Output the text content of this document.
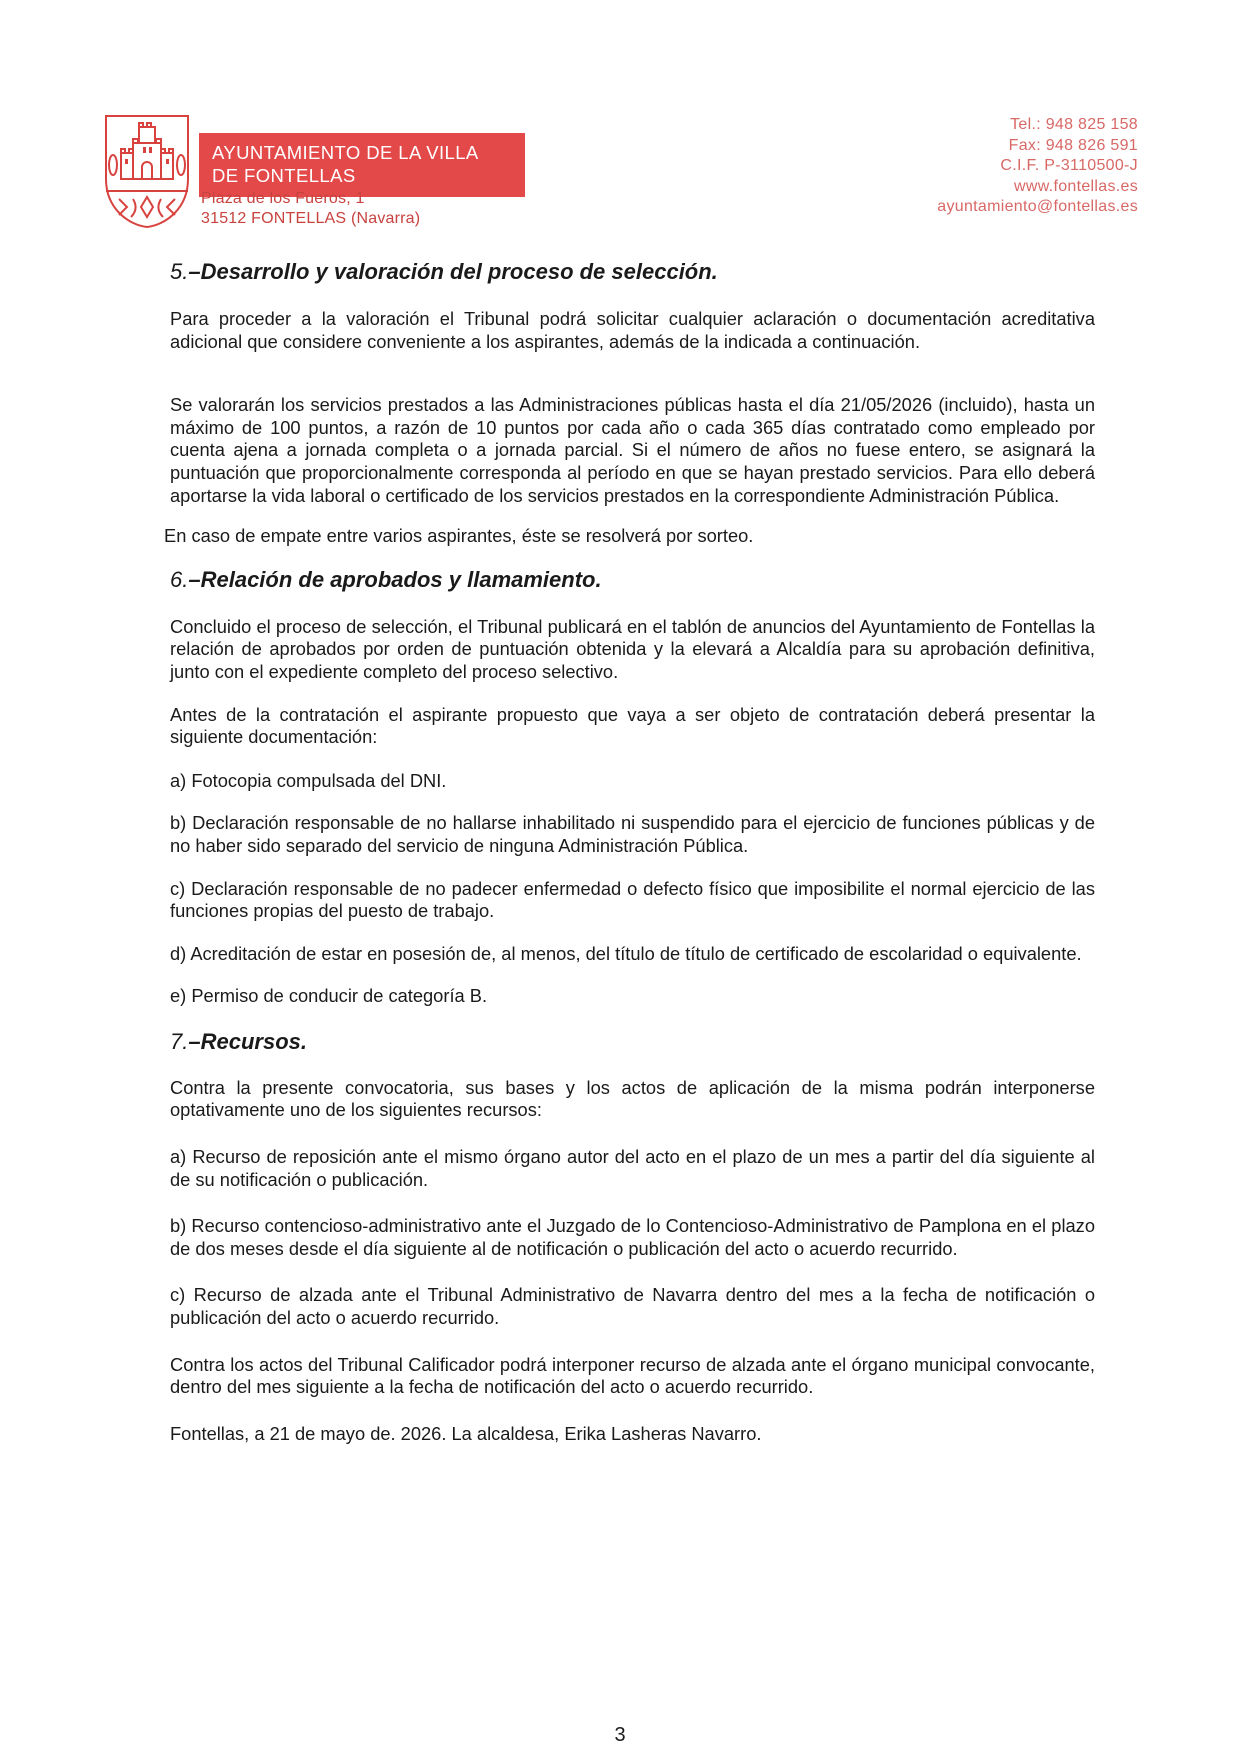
AYUNTAMIENTO DE LA VILLA
DE FONTELLAS
Plaza de los Fueros, 1
31512 FONTELLAS (Navarra)
Tel.: 948 825 158
Fax: 948 826 591
C.I.F. P-3110500-J
www.fontellas.es
ayuntamiento@fontellas.es
5.–Desarrollo y valoración del proceso de selección.

Para proceder a la valoración el Tribunal podrá solicitar cualquier aclaración o documentación acreditativa adicional que considere conveniente a los aspirantes, además de la indicada a continuación.

Se valorarán los servicios prestados a las Administraciones públicas hasta el día 21/05/2026 (incluido), hasta un máximo de 100 puntos, a razón de 10 puntos por cada año o cada 365 días contratado como empleado por cuenta ajena a jornada completa o a jornada parcial. Si el número de años no fuese entero, se asignará la puntuación que proporcionalmente corresponda al período en que se hayan prestado servicios. Para ello deberá aportarse la vida laboral o certificado de los servicios prestados en la correspondiente Administración Pública.

En caso de empate entre varios aspirantes, éste se resolverá por sorteo.

6.–Relación de aprobados y llamamiento.

Concluido el proceso de selección, el Tribunal publicará en el tablón de anuncios del Ayuntamiento de Fontellas la relación de aprobados por orden de puntuación obtenida y la elevará a Alcaldía para su aprobación definitiva, junto con el expediente completo del proceso selectivo.

Antes de la contratación el aspirante propuesto que vaya a ser objeto de contratación deberá presentar la siguiente documentación:

a) Fotocopia compulsada del DNI.

b) Declaración responsable de no hallarse inhabilitado ni suspendido para el ejercicio de funciones públicas y de no haber sido separado del servicio de ninguna Administración Pública.

c) Declaración responsable de no padecer enfermedad o defecto físico que imposibilite el normal ejercicio de las funciones propias del puesto de trabajo.

d) Acreditación de estar en posesión de, al menos, del título de título de certificado de escolaridad o equivalente.

e) Permiso de conducir de categoría B.

7.–Recursos.

Contra la presente convocatoria, sus bases y los actos de aplicación de la misma podrán interponerse optativamente uno de los siguientes recursos:

a) Recurso de reposición ante el mismo órgano autor del acto en el plazo de un mes a partir del día siguiente al de su notificación o publicación.

b) Recurso contencioso-administrativo ante el Juzgado de lo Contencioso-Administrativo de Pamplona en el plazo de dos meses desde el día siguiente al de notificación o publicación del acto o acuerdo recurrido.

c) Recurso de alzada ante el Tribunal Administrativo de Navarra dentro del mes a la fecha de notificación o publicación del acto o acuerdo recurrido.

Contra los actos del Tribunal Calificador podrá interponer recurso de alzada ante el órgano municipal convocante, dentro del mes siguiente a la fecha de notificación del acto o acuerdo recurrido.

Fontellas, a 21 de mayo de. 2026. La alcaldesa, Erika Lasheras Navarro.

3
